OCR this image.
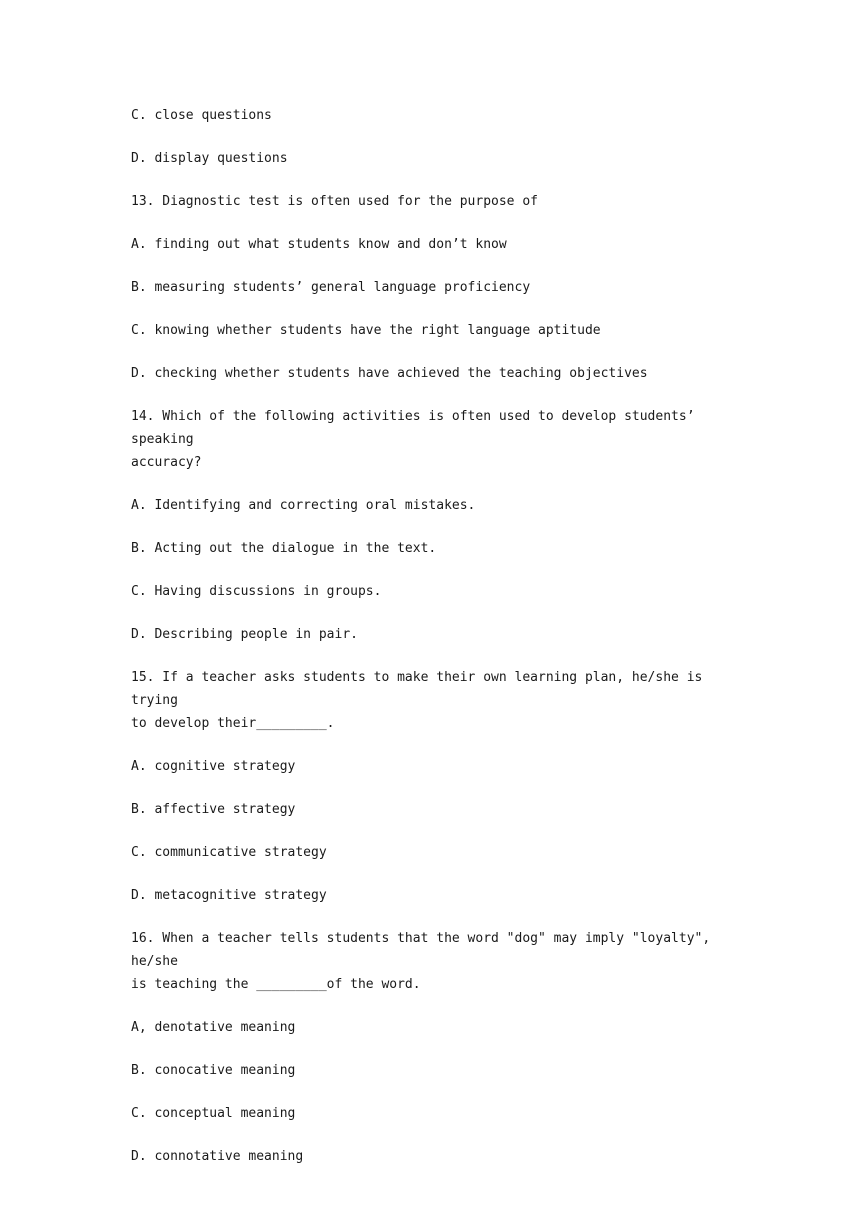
C. close questions
D. display questions
13. Diagnostic test is often used for the purpose of
A. finding out what students know and don’t know
B. measuring students’ general language proficiency
C. knowing whether students have the right language aptitude
D. checking whether students have achieved the teaching objectives
14. Which of the following activities is often used to develop students’ speaking
accuracy?
A. Identifying and correcting oral mistakes.
B. Acting out the dialogue in the text.
C. Having discussions in groups.
D. Describing people in pair.
15. If a teacher asks students to make their own learning plan, he/she is trying
to develop their_________.
A. cognitive strategy
B. affective strategy
C. communicative strategy
D. metacognitive strategy
16. When a teacher tells students that the word "dog" may imply "loyalty", he/she
is teaching the _________of the word.
A, denotative meaning
B. conocative meaning
C. conceptual meaning
D. connotative meaning
